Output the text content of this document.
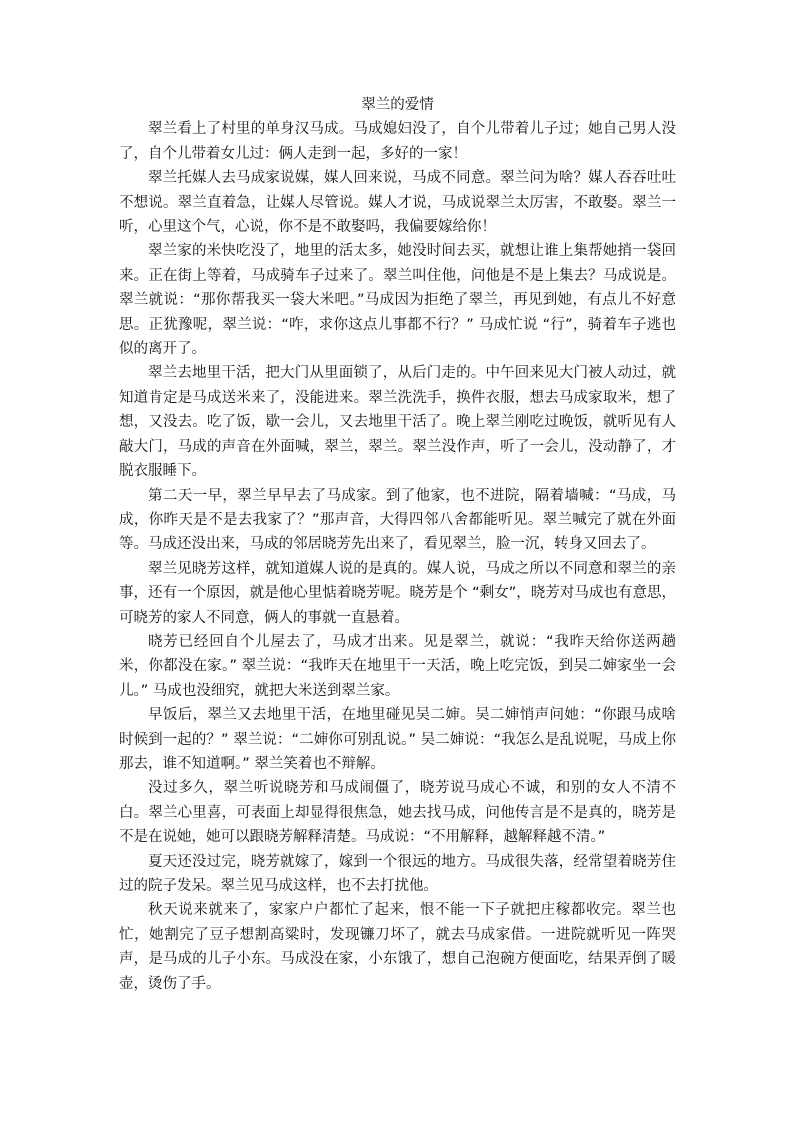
翠兰的爱情

翠兰看上了村里的单身汉马成。马成媳妇没了，自个儿带着儿子过；她自己男人没了，自个儿带着女儿过：俩人走到一起，多好的一家！

翠兰托媒人去马成家说媒，媒人回来说，马成不同意。翠兰问为啥？媒人吞吞吐吐不想说。翠兰直着急，让媒人尽管说。媒人才说，马成说翠兰太厉害，不敢娶。翠兰一听，心里这个气，心说，你不是不敢娶吗，我偏要嫁给你！

翠兰家的米快吃没了，地里的活太多，她没时间去买，就想让谁上集帮她捎一袋回来。正在街上等着，马成骑车子过来了。翠兰叫住他，问他是不是上集去？马成说是。翠兰就说：“那你帮我买一袋大米吧。”马成因为拒绝了翠兰，再见到她，有点儿不好意思。正犹豫呢，翠兰说：“咋，求你这点儿事都不行？” 马成忙说 “行”，骑着车子逃也似的离开了。

翠兰去地里干活，把大门从里面锁了，从后门走的。中午回来见大门被人动过，就知道肯定是马成送米来了，没能进来。翠兰洗洗手，换件衣服，想去马成家取米，想了想，又没去。吃了饭，歇一会儿，又去地里干活了。晚上翠兰刚吃过晚饭，就听见有人敲大门，马成的声音在外面喊，翠兰，翠兰。翠兰没作声，听了一会儿，没动静了，才脱衣服睡下。

第二天一早，翠兰早早去了马成家。到了他家，也不进院，隔着墙喊：“马成，马成，你昨天是不是去我家了？”那声音，大得四邻八舍都能听见。翠兰喊完了就在外面等。马成还没出来，马成的邻居晓芳先出来了，看见翠兰，脸一沉，转身又回去了。

翠兰见晓芳这样，就知道媒人说的是真的。媒人说，马成之所以不同意和翠兰的亲事，还有一个原因，就是他心里惦着晓芳呢。晓芳是个 “剩女”，晓芳对马成也有意思，可晓芳的家人不同意，俩人的事就一直悬着。

晓芳已经回自个儿屋去了，马成才出来。见是翠兰，就说：“我昨天给你送两趟米，你都没在家。” 翠兰说：“我昨天在地里干一天活，晚上吃完饭，到吴二婶家坐一会儿。” 马成也没细究，就把大米送到翠兰家。

早饭后，翠兰又去地里干活，在地里碰见吴二婶。吴二婶悄声问她：“你跟马成啥时候到一起的？” 翠兰说：“二婶你可别乱说。” 吴二婶说：“我怎么是乱说呢，马成上你那去，谁不知道啊。” 翠兰笑着也不辩解。

没过多久，翠兰听说晓芳和马成闹僵了，晓芳说马成心不诚，和别的女人不清不白。翠兰心里喜，可表面上却显得很焦急，她去找马成，问他传言是不是真的，晓芳是不是在说她，她可以跟晓芳解释清楚。马成说：“不用解释，越解释越不清。”

夏天还没过完，晓芳就嫁了，嫁到一个很远的地方。马成很失落，经常望着晓芳住过的院子发呆。翠兰见马成这样，也不去打扰他。

秋天说来就来了，家家户户都忙了起来，恨不能一下子就把庄稼都收完。翠兰也忙，她割完了豆子想割高粱时，发现镰刀坏了，就去马成家借。一进院就听见一阵哭声，是马成的儿子小东。马成没在家，小东饿了，想自己泡碗方便面吃，结果弄倒了暖壶，烫伤了手。
